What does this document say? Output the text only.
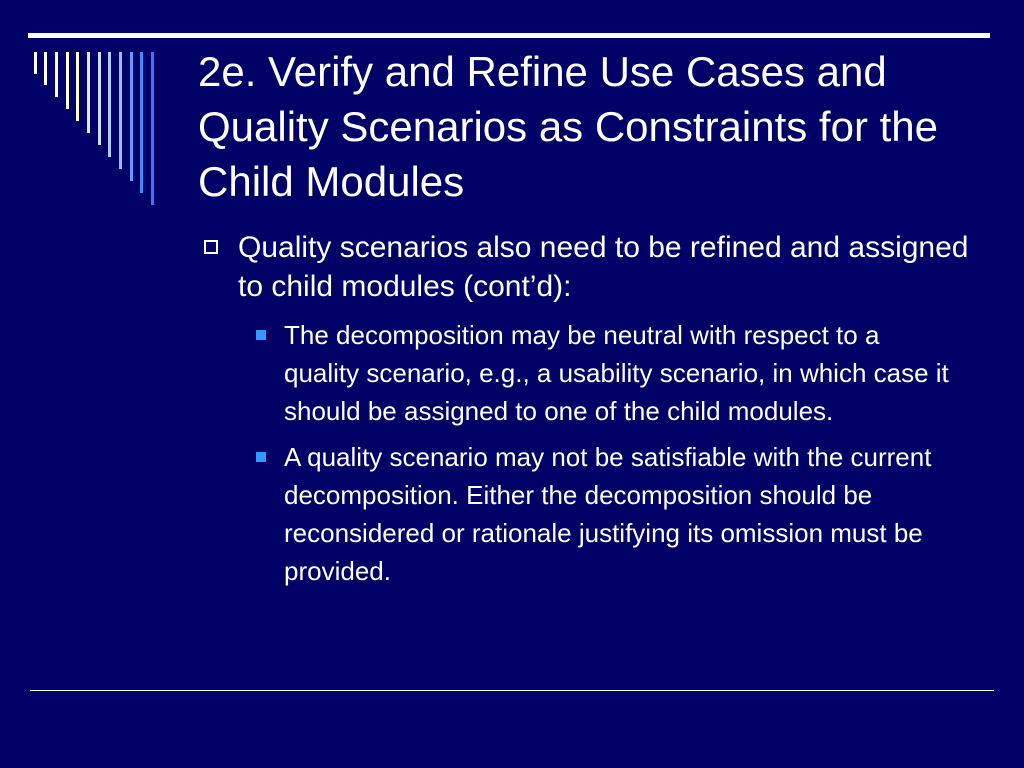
2e. Verify and Refine Use Cases and Quality Scenarios as Constraints for the Child Modules
Quality scenarios also need to be refined and assigned to child modules (cont’d):
The decomposition may be neutral with respect to a quality scenario, e.g., a usability scenario, in which case it should be assigned to one of the child modules.
A quality scenario may not be satisfiable with the current decomposition. Either the decomposition should be reconsidered or rationale justifying its omission must be provided.
